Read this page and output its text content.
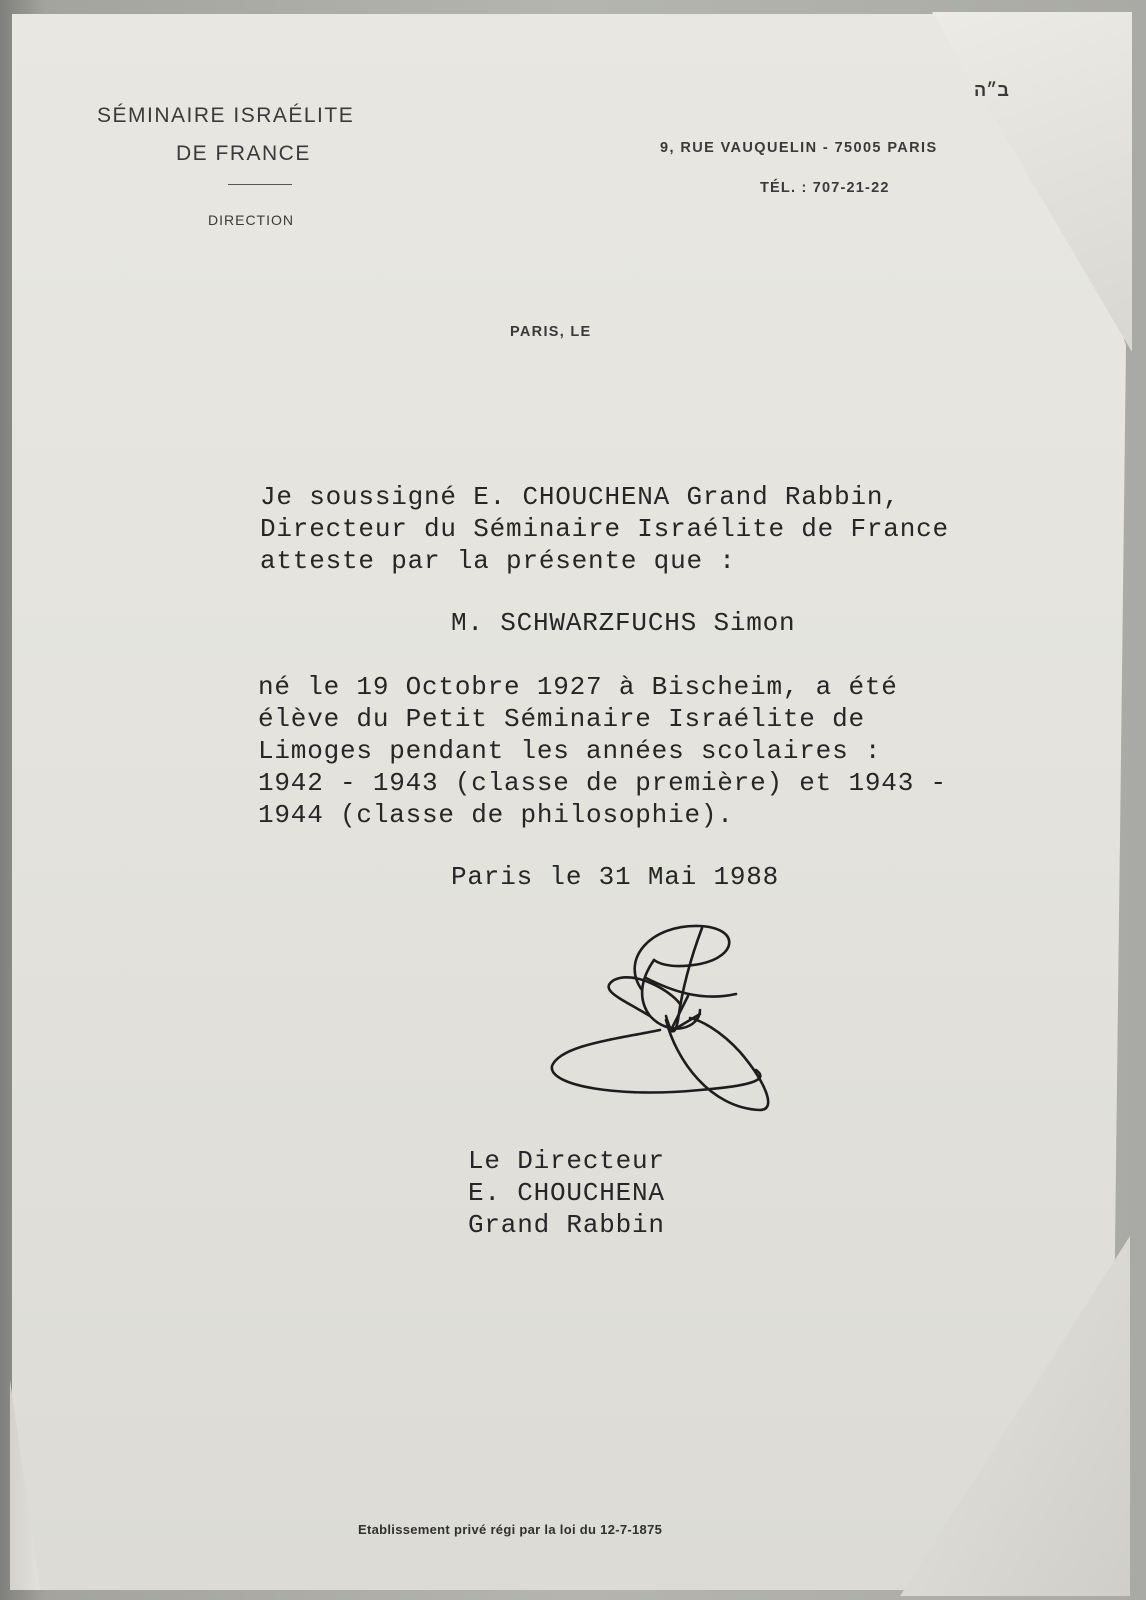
SÉMINAIRE ISRAÉLITE
DE FRANCE
DIRECTION
ב״ה
9, RUE VAUQUELIN - 75005 PARIS
TÉL. : 707-21-22
PARIS, LE
Je soussigné E. CHOUCHENA Grand Rabbin,
Directeur du Séminaire Israélite de France
atteste par la présente que :
M. SCHWARZFUCHS Simon
né le 19 Octobre 1927 à Bischeim, a été
élève du Petit Séminaire Israélite de
Limoges pendant les années scolaires :
1942 - 1943 (classe de première) et 1943 -
1944 (classe de philosophie).
Paris le 31 Mai 1988
Le Directeur
E. CHOUCHENA
Grand Rabbin
Etablissement privé régi par la loi du 12-7-1875
